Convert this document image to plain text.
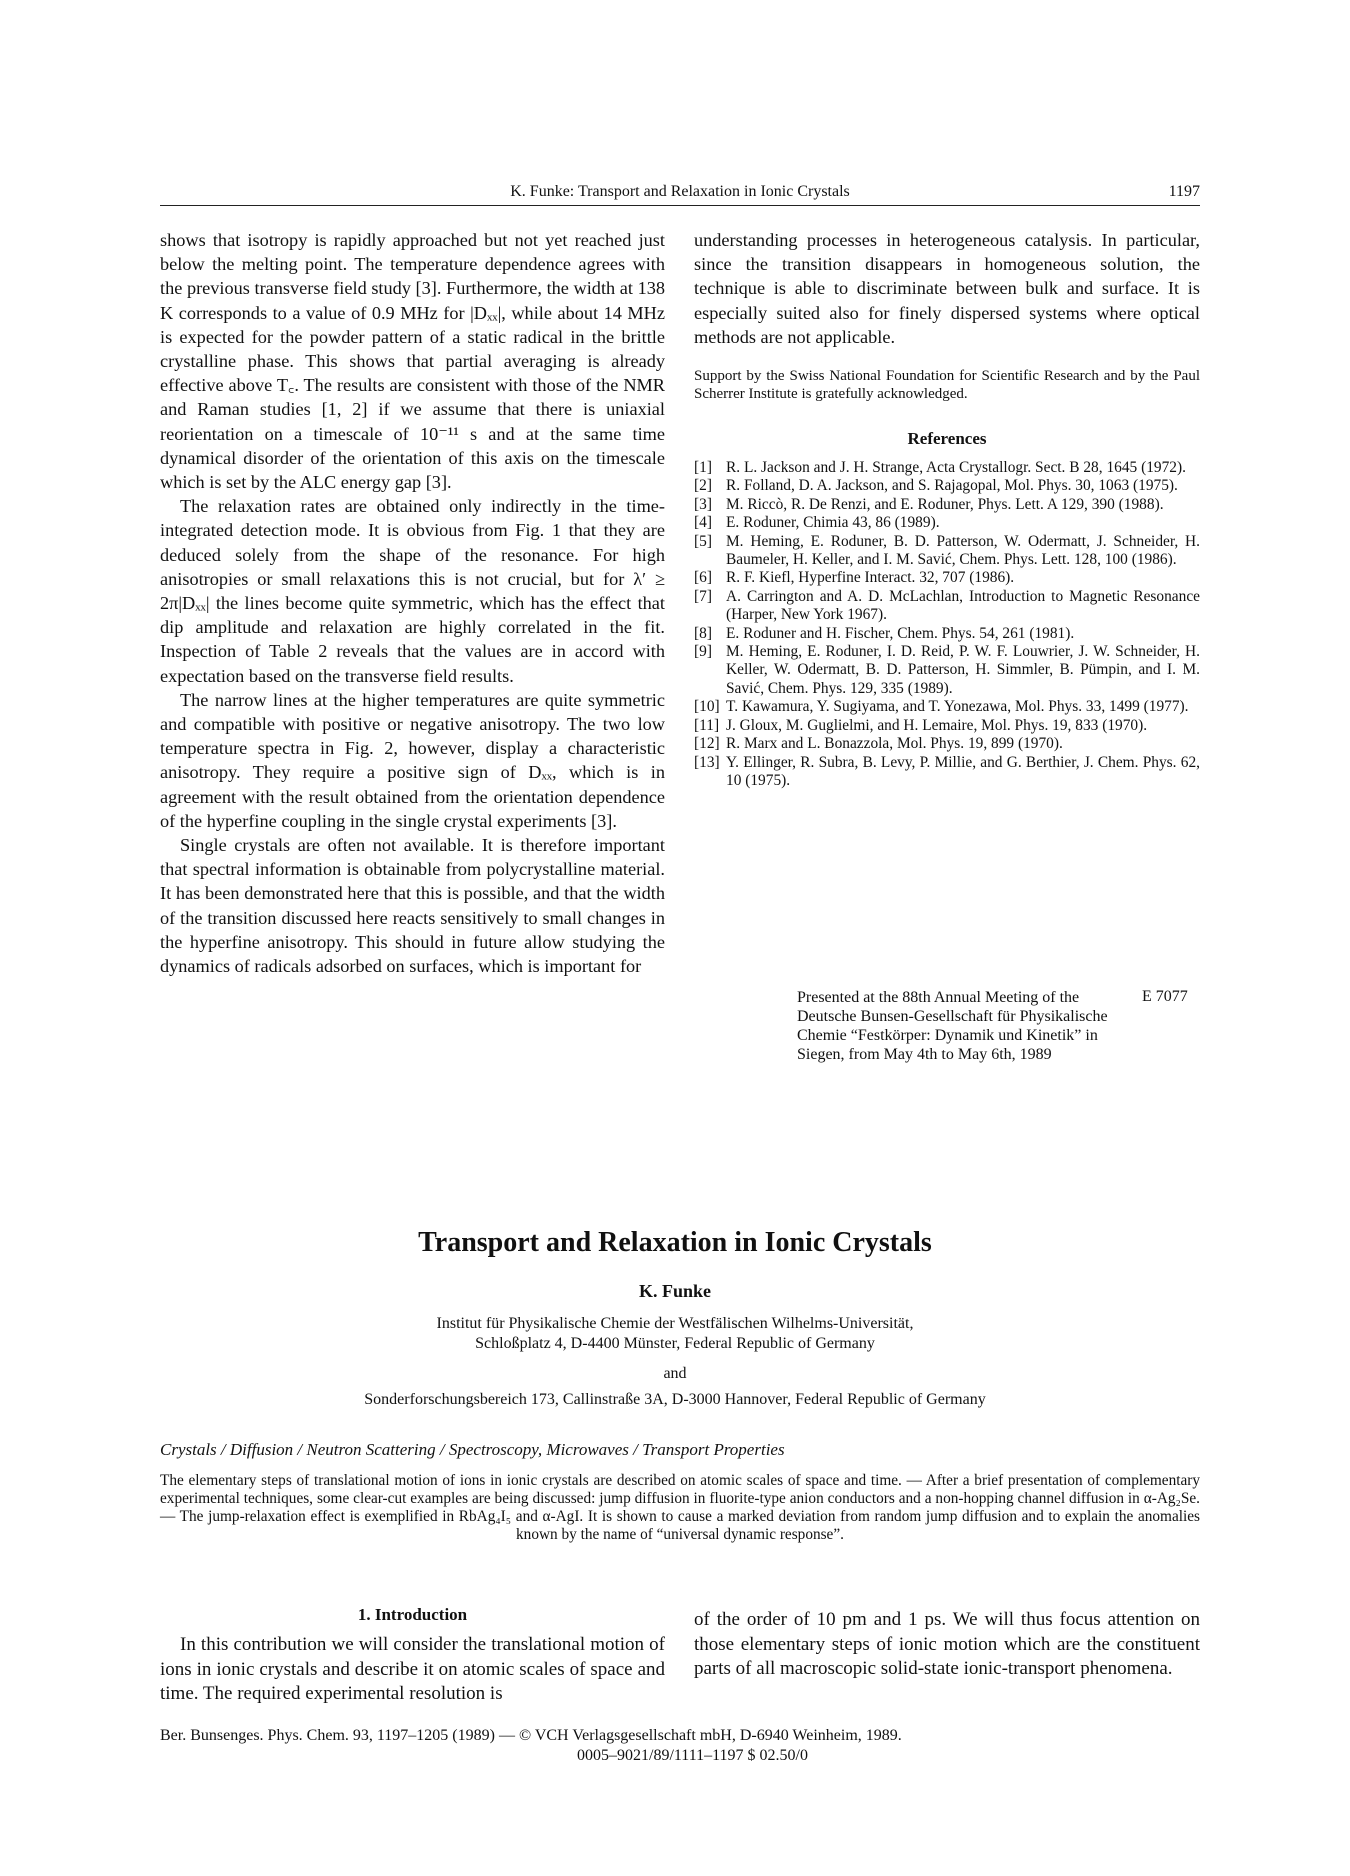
K. Funke: Transport and Relaxation in Ionic Crystals	1197

shows that isotropy is rapidly approached but not yet reached just below the melting point. The temperature dependence agrees with the previous transverse field study [3]. Furthermore, the width at 138 K corresponds to a value of 0.9 MHz for |Dₓₓ|, while about 14 MHz is expected for the powder pattern of a static radical in the brittle crystalline phase. This shows that partial averaging is already effective above T꜀. The results are consistent with those of the NMR and Raman studies [1, 2] if we assume that there is uniaxial reorientation on a timescale of 10⁻¹¹ s and at the same time dynamical disorder of the orientation of this axis on the timescale which is set by the ALC energy gap [3].

The relaxation rates are obtained only indirectly in the time-integrated detection mode. It is obvious from Fig. 1 that they are deduced solely from the shape of the resonance. For high anisotropies or small relaxations this is not crucial, but for λ′ ≥ 2π|Dₓₓ| the lines become quite symmetric, which has the effect that dip amplitude and relaxation are highly correlated in the fit. Inspection of Table 2 reveals that the values are in accord with expectation based on the transverse field results.

The narrow lines at the higher temperatures are quite symmetric and compatible with positive or negative anisotropy. The two low temperature spectra in Fig. 2, however, display a characteristic anisotropy. They require a positive sign of Dₓₓ, which is in agreement with the result obtained from the orientation dependence of the hyperfine coupling in the single crystal experiments [3].

Single crystals are often not available. It is therefore important that spectral information is obtainable from polycrystalline material. It has been demonstrated here that this is possible, and that the width of the transition discussed here reacts sensitively to small changes in the hyperfine anisotropy. This should in future allow studying the dynamics of radicals adsorbed on surfaces, which is important for

understanding processes in heterogeneous catalysis. In particular, since the transition disappears in homogeneous solution, the technique is able to discriminate between bulk and surface. It is especially suited also for finely dispersed systems where optical methods are not applicable.
Support by the Swiss National Foundation for Scientific Research and by the Paul Scherrer Institute is gratefully acknowledged.
References
[1] R. L. Jackson and J. H. Strange, Acta Crystallogr. Sect. B 28, 1645 (1972).
[2] R. Folland, D. A. Jackson, and S. Rajagopal, Mol. Phys. 30, 1063 (1975).
[3] M. Riccò, R. De Renzi, and E. Roduner, Phys. Lett. A 129, 390 (1988).
[4] E. Roduner, Chimia 43, 86 (1989).
[5] M. Heming, E. Roduner, B. D. Patterson, W. Odermatt, J. Schneider, H. Baumeler, H. Keller, and I. M. Savić, Chem. Phys. Lett. 128, 100 (1986).
[6] R. F. Kiefl, Hyperfine Interact. 32, 707 (1986).
[7] A. Carrington and A. D. McLachlan, Introduction to Magnetic Resonance (Harper, New York 1967).
[8] E. Roduner and H. Fischer, Chem. Phys. 54, 261 (1981).
[9] M. Heming, E. Roduner, I. D. Reid, P. W. F. Louwrier, J. W. Schneider, H. Keller, W. Odermatt, B. D. Patterson, H. Simmler, B. Pümpin, and I. M. Savić, Chem. Phys. 129, 335 (1989).
[10] T. Kawamura, Y. Sugiyama, and T. Yonezawa, Mol. Phys. 33, 1499 (1977).
[11] J. Gloux, M. Guglielmi, and H. Lemaire, Mol. Phys. 19, 833 (1970).
[12] R. Marx and L. Bonazzola, Mol. Phys. 19, 899 (1970).
[13] Y. Ellinger, R. Subra, B. Levy, P. Millie, and G. Berthier, J. Chem. Phys. 62, 10 (1975).
Presented at the 88th Annual Meeting of the Deutsche Bunsen-Gesellschaft für Physikalische Chemie “Festkörper: Dynamik und Kinetik” in Siegen, from May 4th to May 6th, 1989
E 7077
Transport and Relaxation in Ionic Crystals
K. Funke
Institut für Physikalische Chemie der Westfälischen Wilhelms-Universität,
Schloßplatz 4, D-4400 Münster, Federal Republic of Germany
and
Sonderforschungsbereich 173, Callinstraße 3A, D-3000 Hannover, Federal Republic of Germany
Crystals / Diffusion / Neutron Scattering / Spectroscopy, Microwaves / Transport Properties
The elementary steps of translational motion of ions in ionic crystals are described on atomic scales of space and time. — After a brief presentation of complementary experimental techniques, some clear-cut examples are being discussed: jump diffusion in fluorite-type anion conductors and a non-hopping channel diffusion in α-Ag₂Se. — The jump-relaxation effect is exemplified in RbAg₄I₅ and α-AgI. It is shown to cause a marked deviation from random jump diffusion and to explain the anomalies known by the name of “universal dynamic response”.
1. Introduction
In this contribution we will consider the translational motion of ions in ionic crystals and describe it on atomic scales of space and time. The required experimental resolution is
of the order of 10 pm and 1 ps. We will thus focus attention on those elementary steps of ionic motion which are the constituent parts of all macroscopic solid-state ionic-transport phenomena.
Ber. Bunsenges. Phys. Chem. 93, 1197–1205 (1989) — © VCH Verlagsgesellschaft mbH, D-6940 Weinheim, 1989.
0005–9021/89/1111–1197 $ 02.50/0
